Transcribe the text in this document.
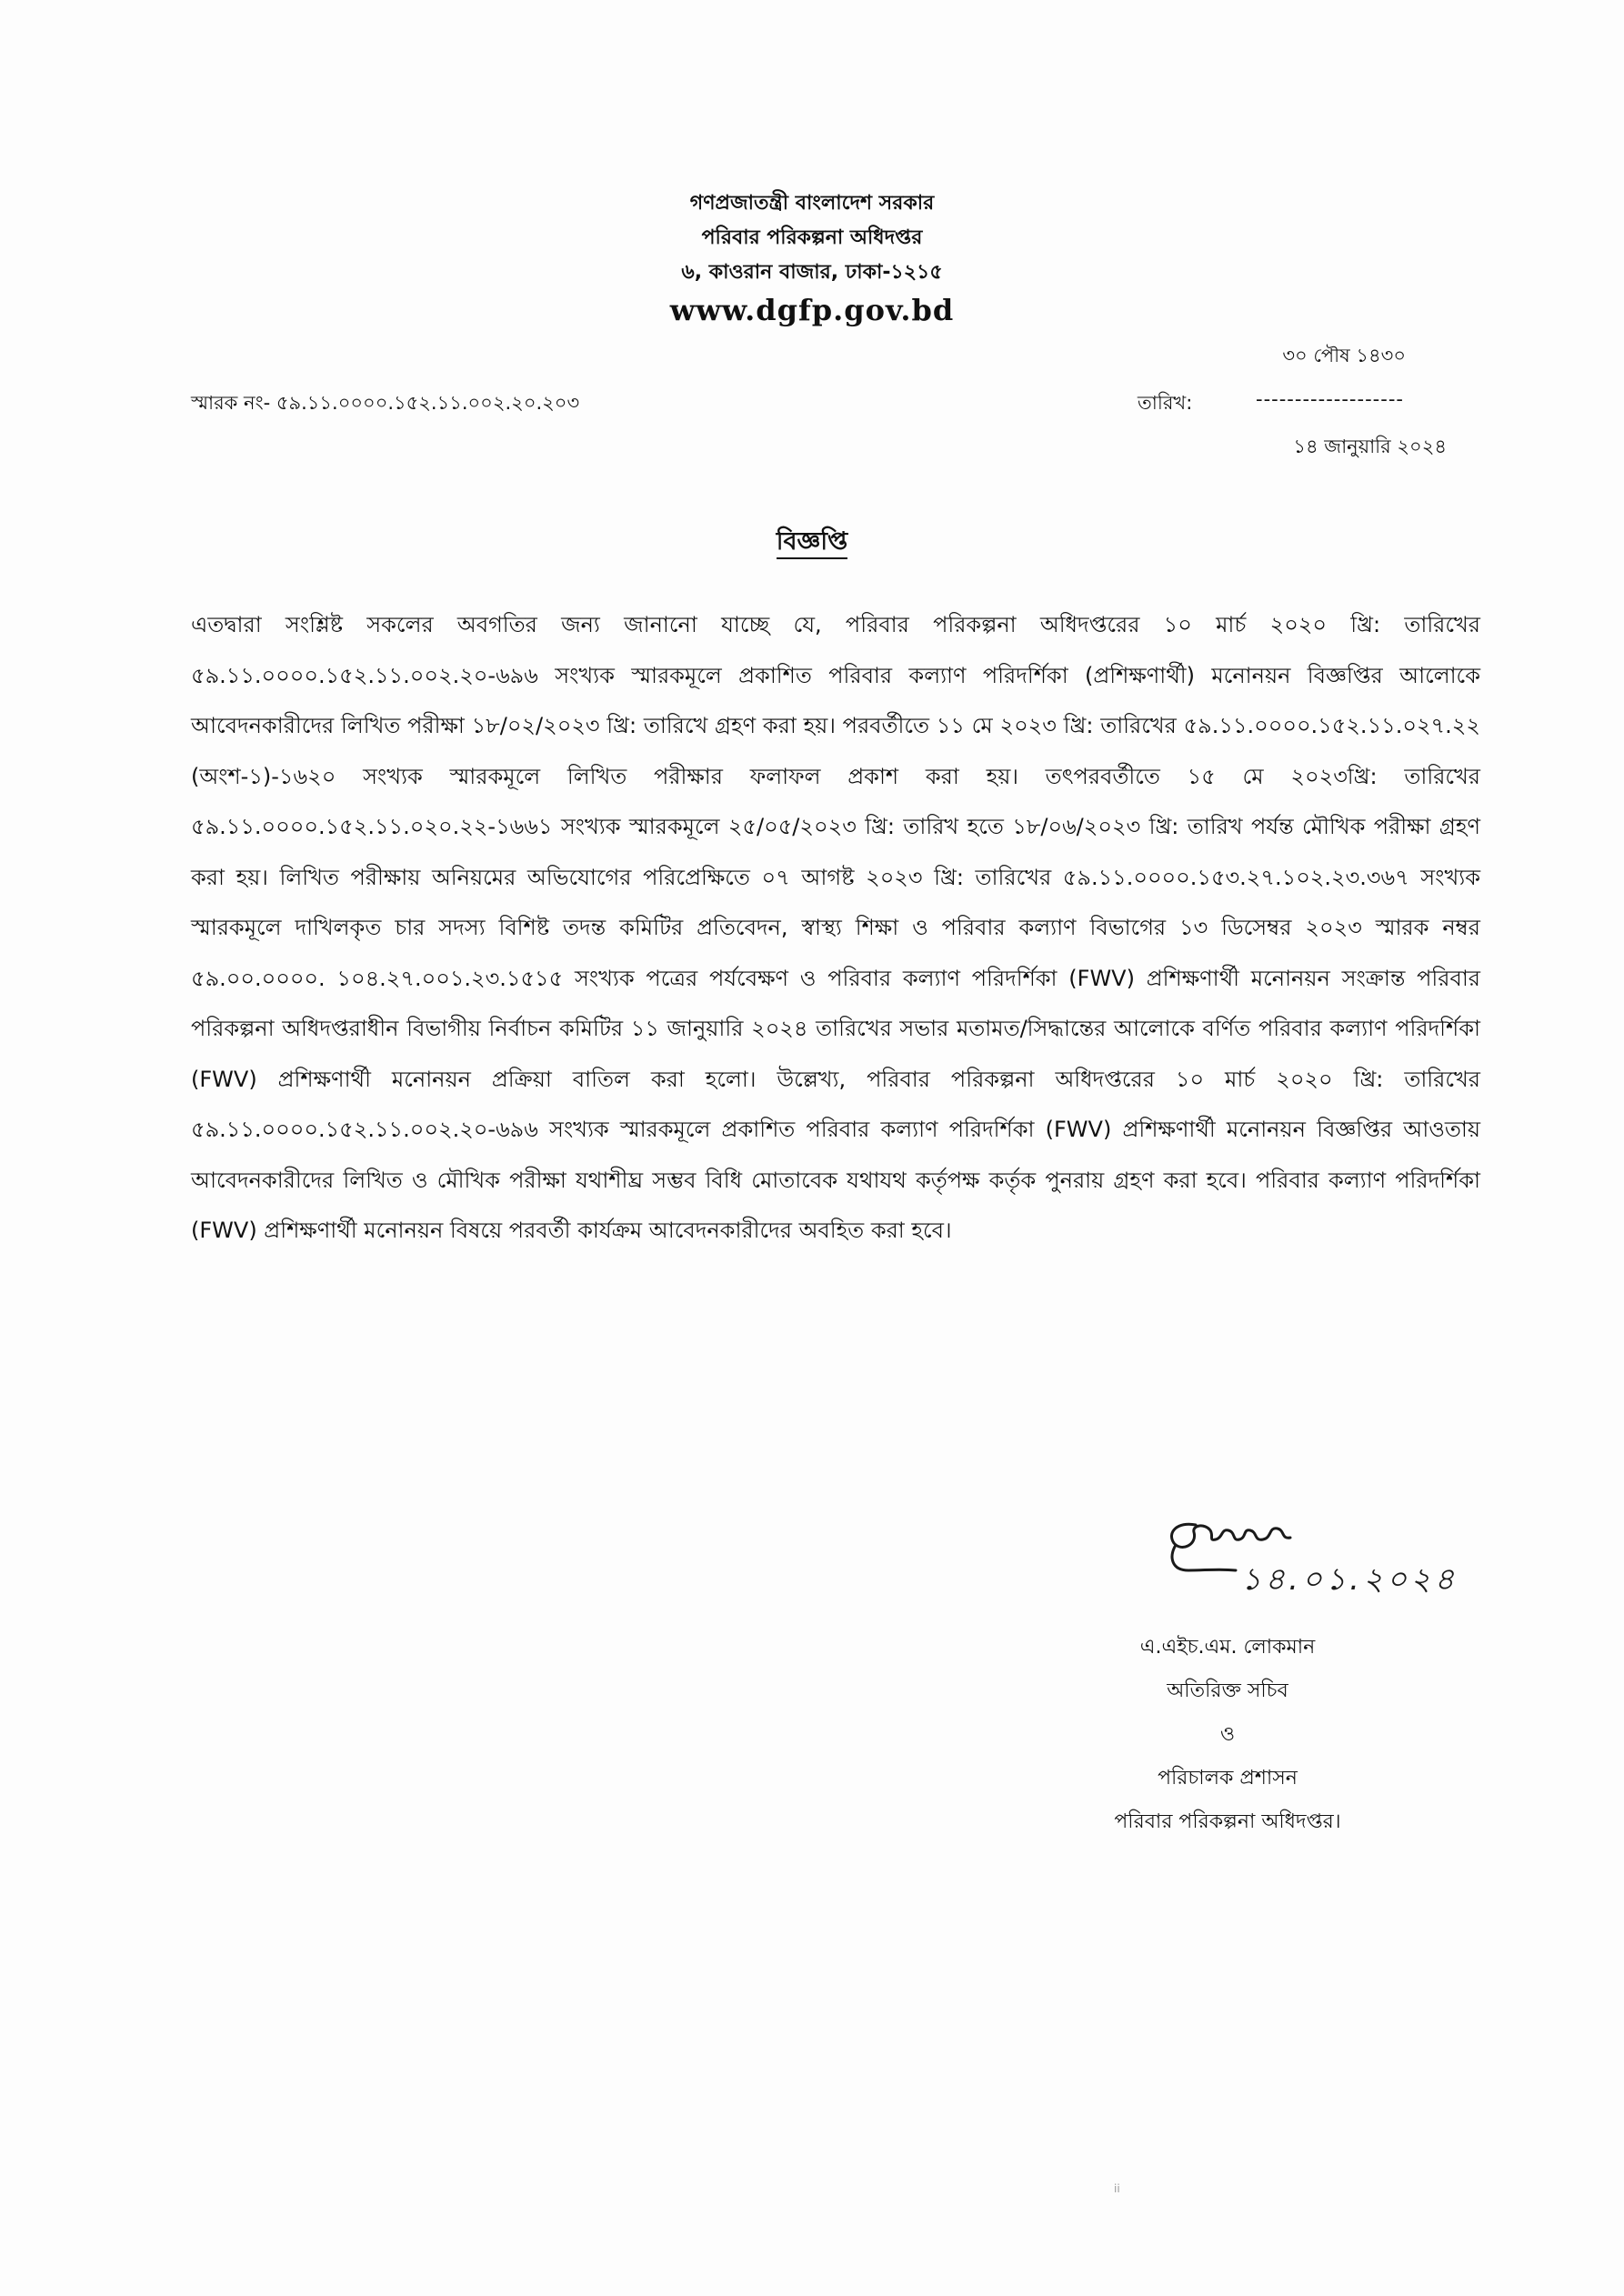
গণপ্রজাতন্ত্রী বাংলাদেশ সরকার
পরিবার পরিকল্পনা অধিদপ্তর
৬, কাওরান বাজার, ঢাকা-১২১৫
www.dgfp.gov.bd
৩০ পৌষ ১৪৩০
তারিখ:	-------------------
১৪ জানুয়ারি ২০২৪
স্মারক নং- ৫৯.১১.০০০০.১৫২.১১.০০২.২০.২০৩
বিজ্ঞপ্তি
এতদ্বারা সংশ্লিষ্ট সকলের অবগতির জন্য জানানো যাচ্ছে যে, পরিবার পরিকল্পনা অধিদপ্তরের ১০ মার্চ ২০২০ খ্রি: তারিখের ৫৯.১১.০০০০.১৫২.১১.০০২.২০-৬৯৬ সংখ্যক স্মারকমূলে প্রকাশিত পরিবার কল্যাণ পরিদর্শিকা (প্রশিক্ষণার্থী) মনোনয়ন বিজ্ঞপ্তির আলোকে আবেদনকারীদের লিখিত পরীক্ষা ১৮/০২/২০২৩ খ্রি: তারিখে গ্রহণ করা হয়। পরবর্তীতে ১১ মে ২০২৩ খ্রি: তারিখের ৫৯.১১.০০০০.১৫২.১১.০২৭.২২ (অংশ-১)-১৬২০ সংখ্যক স্মারকমূলে লিখিত পরীক্ষার ফলাফল প্রকাশ করা হয়। তৎপরবর্তীতে ১৫ মে ২০২৩খ্রি: তারিখের ৫৯.১১.০০০০.১৫২.১১.০২০.২২-১৬৬১ সংখ্যক স্মারকমূলে ২৫/০৫/২০২৩ খ্রি: তারিখ হতে ১৮/০৬/২০২৩ খ্রি: তারিখ পর্যন্ত মৌখিক পরীক্ষা গ্রহণ করা হয়। লিখিত পরীক্ষায় অনিয়মের অভিযোগের পরিপ্রেক্ষিতে ০৭ আগষ্ট ২০২৩ খ্রি: তারিখের ৫৯.১১.০০০০.১৫৩.২৭.১০২.২৩.৩৬৭ সংখ্যক স্মারকমূলে দাখিলকৃত চার সদস্য বিশিষ্ট তদন্ত কমিটির প্রতিবেদন, স্বাস্থ্য শিক্ষা ও পরিবার কল্যাণ বিভাগের ১৩ ডিসেম্বর ২০২৩ স্মারক নম্বর ৫৯.০০.০০০০. ১০৪.২৭.০০১.২৩.১৫১৫ সংখ্যক পত্রের পর্যবেক্ষণ ও পরিবার কল্যাণ পরিদর্শিকা (FWV) প্রশিক্ষণার্থী মনোনয়ন সংক্রান্ত পরিবার পরিকল্পনা অধিদপ্তরাধীন বিভাগীয় নির্বাচন কমিটির ১১ জানুয়ারি ২০২৪ তারিখের সভার মতামত/সিদ্ধান্তের আলোকে বর্ণিত পরিবার কল্যাণ পরিদর্শিকা (FWV) প্রশিক্ষণার্থী মনোনয়ন প্রক্রিয়া বাতিল করা হলো। উল্লেখ্য, পরিবার পরিকল্পনা অধিদপ্তরের ১০ মার্চ ২০২০ খ্রি: তারিখের ৫৯.১১.০০০০.১৫২.১১.০০২.২০-৬৯৬ সংখ্যক স্মারকমূলে প্রকাশিত পরিবার কল্যাণ পরিদর্শিকা (FWV) প্রশিক্ষণার্থী মনোনয়ন বিজ্ঞপ্তির আওতায় আবেদনকারীদের লিখিত ও মৌখিক পরীক্ষা যথাশীঘ্র সম্ভব বিধি মোতাবেক যথাযথ কর্তৃপক্ষ কর্তৃক পুনরায় গ্রহণ করা হবে। পরিবার কল্যাণ পরিদর্শিকা (FWV) প্রশিক্ষণার্থী মনোনয়ন বিষয়ে পরবর্তী কার্যক্রম আবেদনকারীদের অবহিত করা হবে।
১৪.০১.২০২৪
এ.এইচ.এম. লোকমান
অতিরিক্ত সচিব
ও
পরিচালক প্রশাসন
পরিবার পরিকল্পনা অধিদপ্তর।
ii
